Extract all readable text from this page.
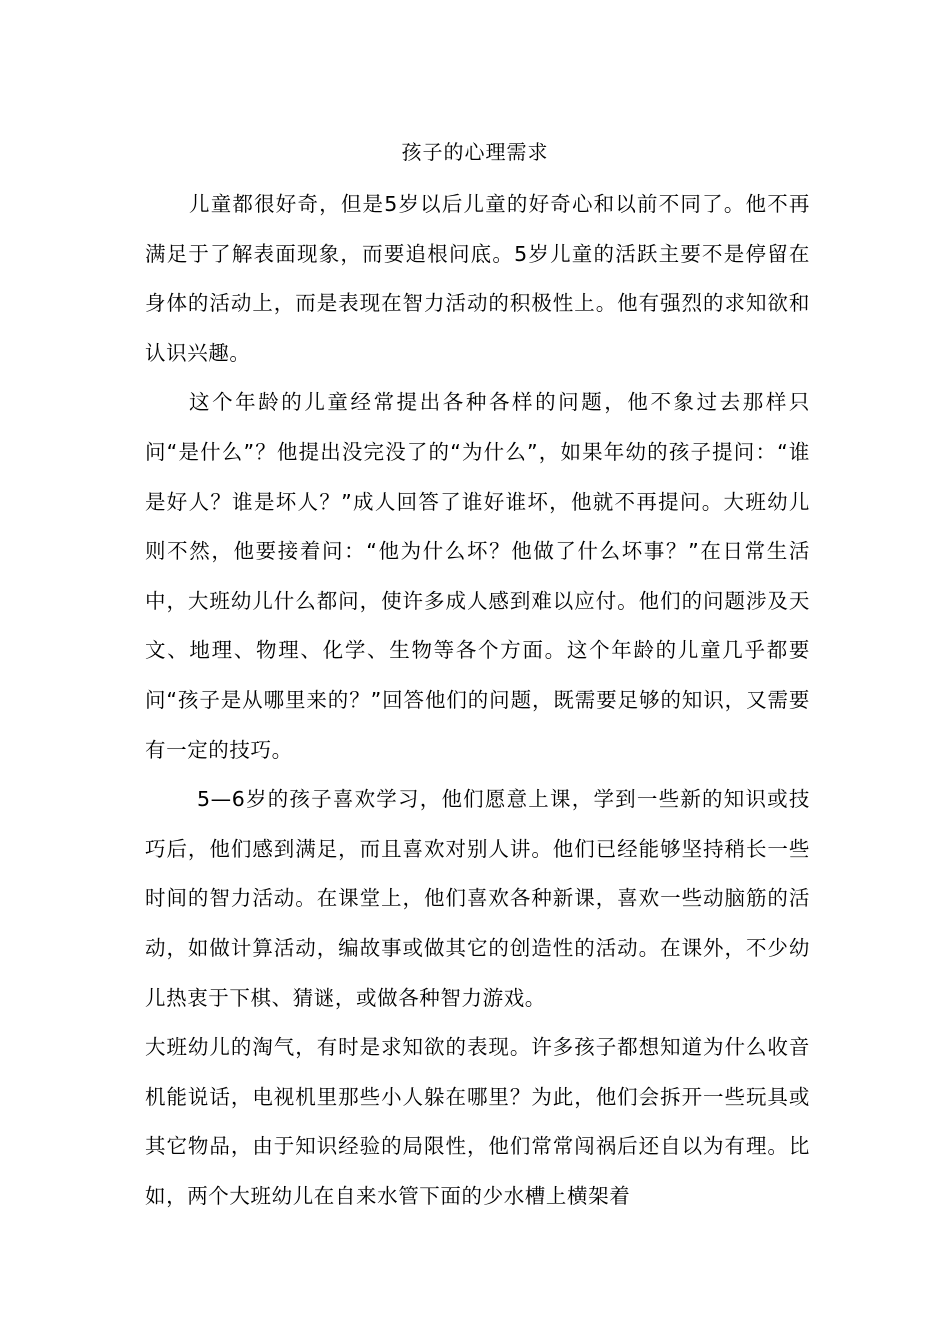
孩子的心理需求

儿童都很好奇，但是5岁以后儿童的好奇心和以前不同了。他不再满足于了解表面现象，而要追根问底。5岁儿童的活跃主要不是停留在身体的活动上，而是表现在智力活动的积极性上。他有强烈的求知欲和认识兴趣。

这个年龄的儿童经常提出各种各样的问题，他不象过去那样只问“是什么”？他提出没完没了的“为什么”，如果年幼的孩子提问：“谁是好人？谁是坏人？”成人回答了谁好谁坏，他就不再提问。大班幼儿则不然，他要接着问：“他为什么坏？他做了什么坏事？”在日常生活中，大班幼儿什么都问，使许多成人感到难以应付。他们的问题涉及天文、地理、物理、化学、生物等各个方面。这个年龄的儿童几乎都要问“孩子是从哪里来的？”回答他们的问题，既需要足够的知识，又需要有一定的技巧。

5—6岁的孩子喜欢学习，他们愿意上课，学到一些新的知识或技巧后，他们感到满足，而且喜欢对别人讲。他们已经能够坚持稍长一些时间的智力活动。在课堂上，他们喜欢各种新课，喜欢一些动脑筋的活动，如做计算活动，编故事或做其它的创造性的活动。在课外，不少幼儿热衷于下棋、猜谜，或做各种智力游戏。

大班幼儿的淘气，有时是求知欲的表现。许多孩子都想知道为什么收音机能说话，电视机里那些小人躲在哪里？为此，他们会拆开一些玩具或其它物品，由于知识经验的局限性，他们常常闯祸后还自以为有理。比如，两个大班幼儿在自来水管下面的少水槽上横架着
